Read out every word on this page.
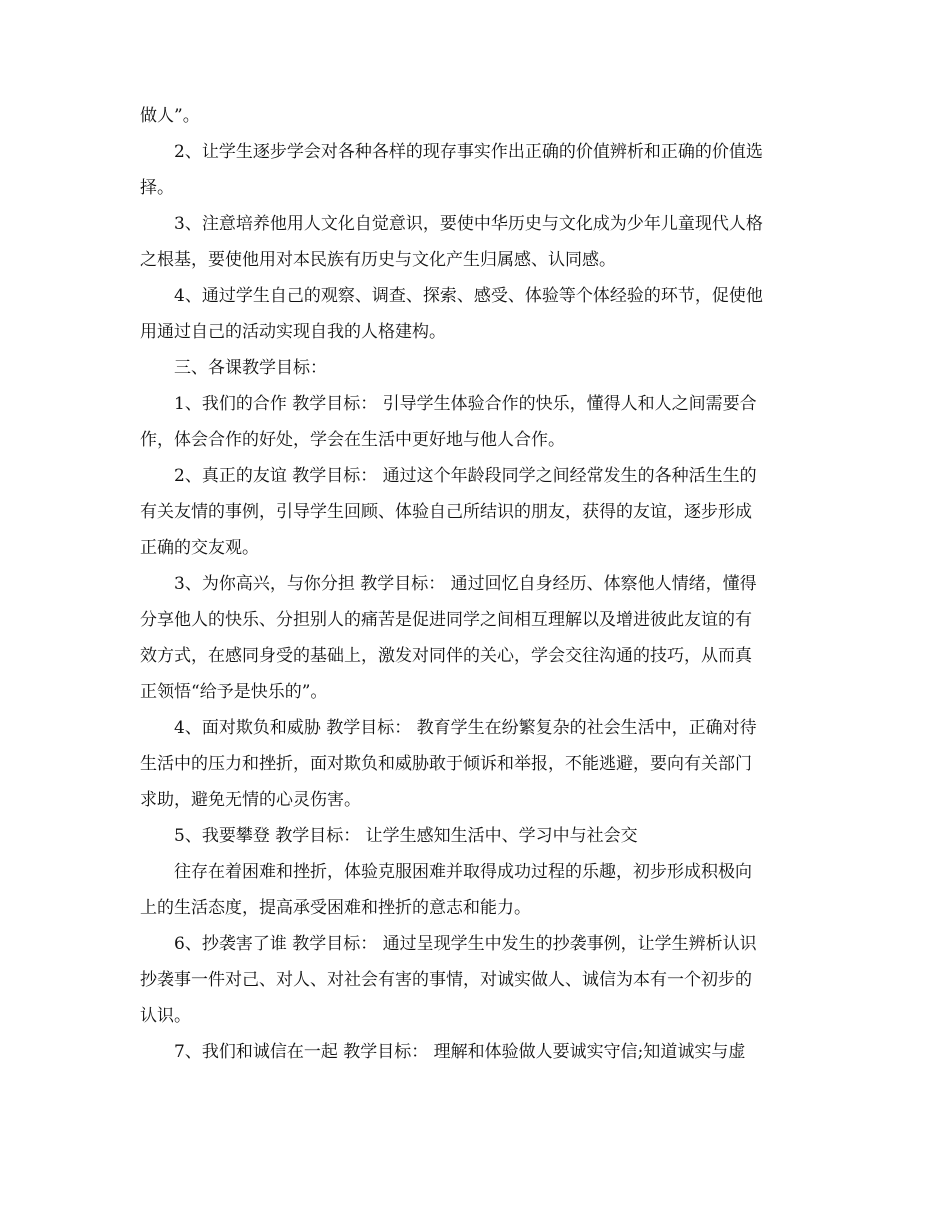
做人”。
2、让学生逐步学会对各种各样的现存事实作出正确的价值辨析和正确的价值选
择。
3、注意培养他用人文化自觉意识，要使中华历史与文化成为少年儿童现代人格
之根基，要使他用对本民族有历史与文化产生归属感、认同感。
4、通过学生自己的观察、调查、探索、感受、体验等个体经验的环节，促使他
用通过自己的活动实现自我的人格建构。
三、各课教学目标：
1、我们的合作 教学目标： 引导学生体验合作的快乐，懂得人和人之间需要合
作，体会合作的好处，学会在生活中更好地与他人合作。
2、真正的友谊 教学目标： 通过这个年龄段同学之间经常发生的各种活生生的
有关友情的事例，引导学生回顾、体验自己所结识的朋友，获得的友谊，逐步形成
正确的交友观。
3、为你高兴，与你分担 教学目标： 通过回忆自身经历、体察他人情绪，懂得
分享他人的快乐、分担别人的痛苦是促进同学之间相互理解以及增进彼此友谊的有
效方式，在感同身受的基础上，激发对同伴的关心，学会交往沟通的技巧，从而真
正领悟“给予是快乐的”。
4、面对欺负和威胁 教学目标： 教育学生在纷繁复杂的社会生活中，正确对待
生活中的压力和挫折，面对欺负和威胁敢于倾诉和举报，不能逃避，要向有关部门
求助，避免无情的心灵伤害。
5、我要攀登 教学目标： 让学生感知生活中、学习中与社会交
往存在着困难和挫折，体验克服困难并取得成功过程的乐趣，初步形成积极向
上的生活态度，提高承受困难和挫折的意志和能力。
6、抄袭害了谁 教学目标： 通过呈现学生中发生的抄袭事例，让学生辨析认识
抄袭事一件对己、对人、对社会有害的事情，对诚实做人、诚信为本有一个初步的
认识。
7、我们和诚信在一起 教学目标： 理解和体验做人要诚实守信;知道诚实与虚
